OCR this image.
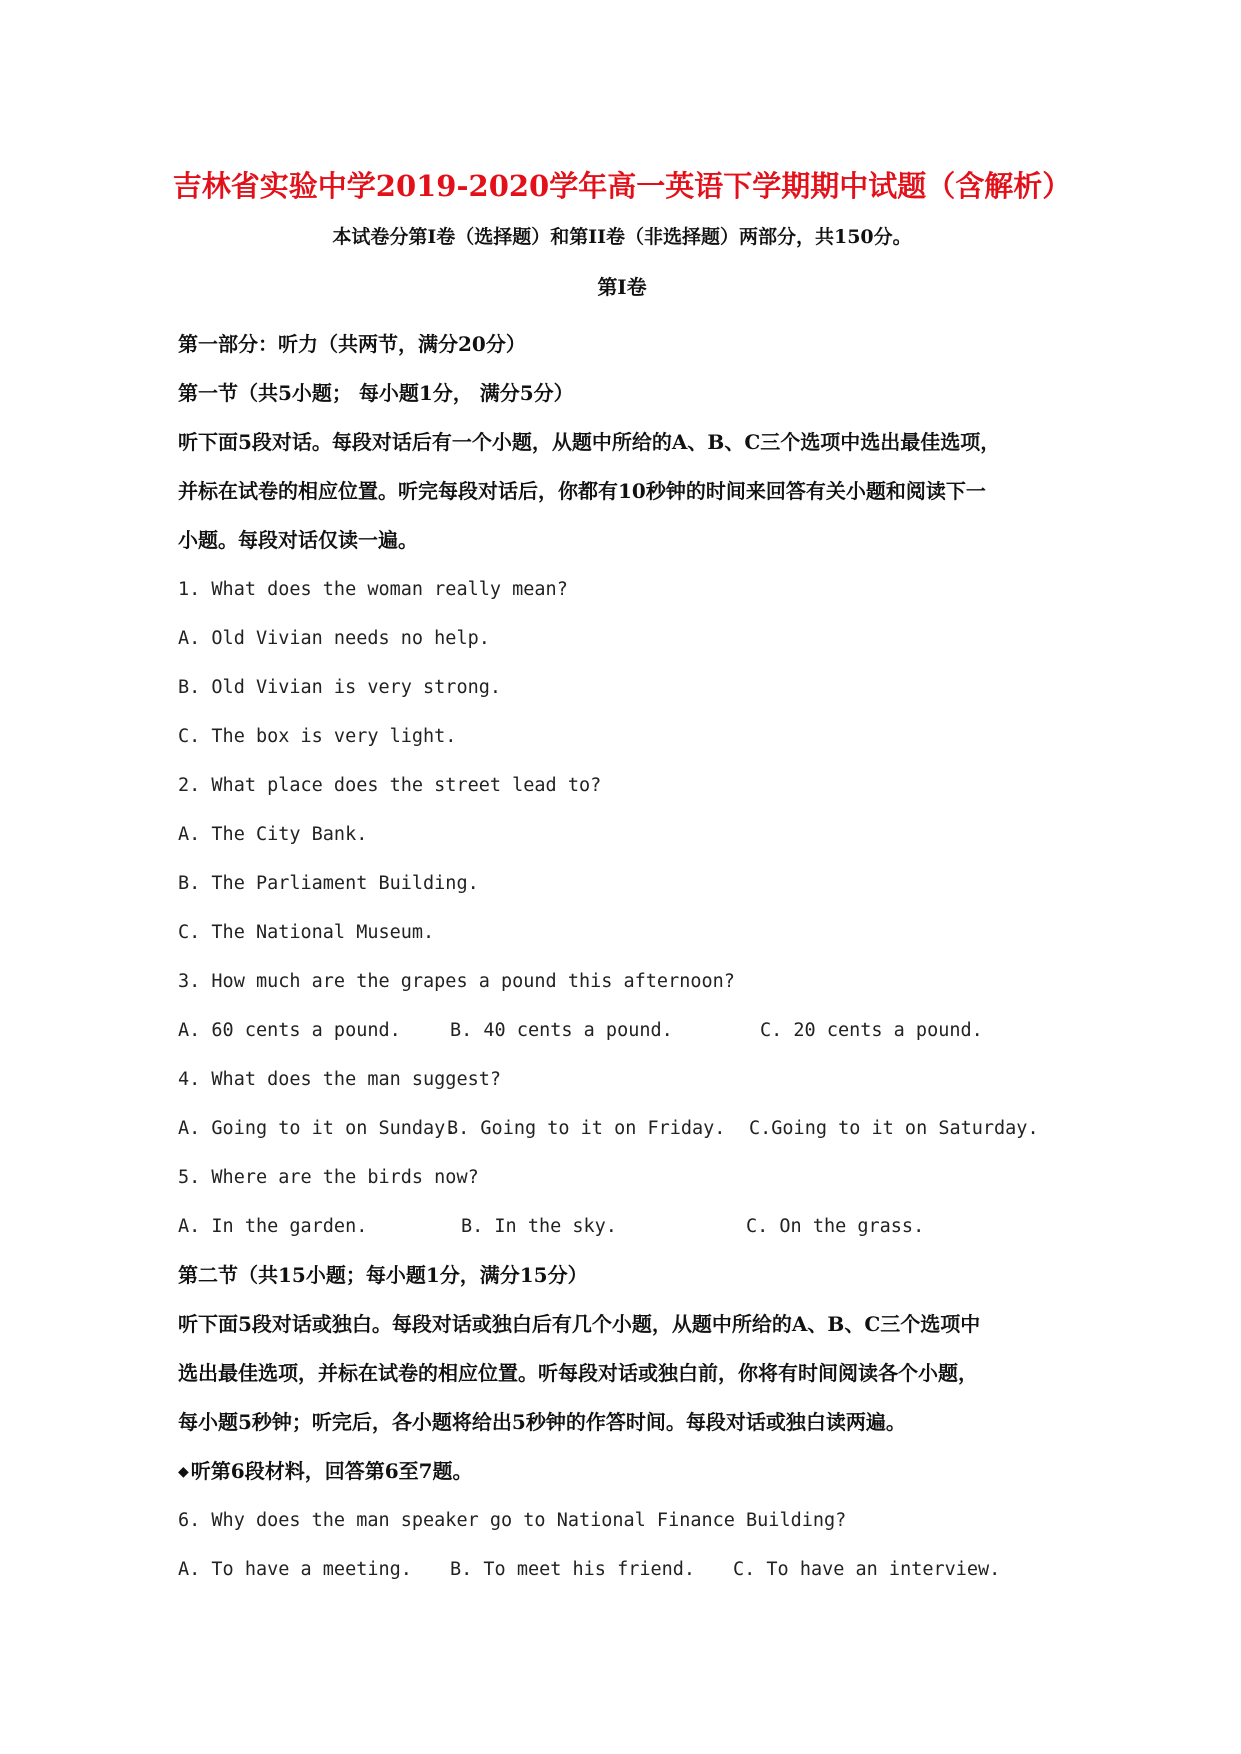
吉林省实验中学2019-2020学年高一英语下学期期中试题（含解析）
本试卷分第I卷（选择题）和第II卷（非选择题）两部分，共150分。
第I卷
第一部分：听力（共两节，满分20分）
第一节（共5小题； 每小题1分， 满分5分）
听下面5段对话。每段对话后有一个小题，从题中所给的A、B、C三个选项中选出最佳选项，
并标在试卷的相应位置。听完每段对话后，你都有10秒钟的时间来回答有关小题和阅读下一
小题。每段对话仅读一遍。
1. What does the woman really mean?
A. Old Vivian needs no help.
B. Old Vivian is very strong.
C. The box is very light.
2. What place does the street lead to?
A. The City Bank.
B. The Parliament Building.
C. The National Museum.
3. How much are the grapes a pound this afternoon?
A. 60 cents a pound.	B. 40 cents a pound.	C. 20 cents a pound.
4. What does the man suggest?
A. Going to it on Sunday.
B. Going to it on Friday.	C.Going to it on Saturday.
5. Where are the birds now?
A. In the garden.	B. In the sky.	C. On the grass.
第二节（共15小题；每小题1分，满分15分）
听下面5段对话或独白。每段对话或独白后有几个小题，从题中所给的A、B、C三个选项中
选出最佳选项，并标在试卷的相应位置。听每段对话或独白前，你将有时间阅读各个小题，
每小题5秒钟；听完后，各小题将给出5秒钟的作答时间。每段对话或独白读两遍。
◆ 听第6段材料，回答第6至7题。
6. Why does the man speaker go to National Finance Building?
A. To have a meeting.	B. To meet his friend.	C. To have an interview.
